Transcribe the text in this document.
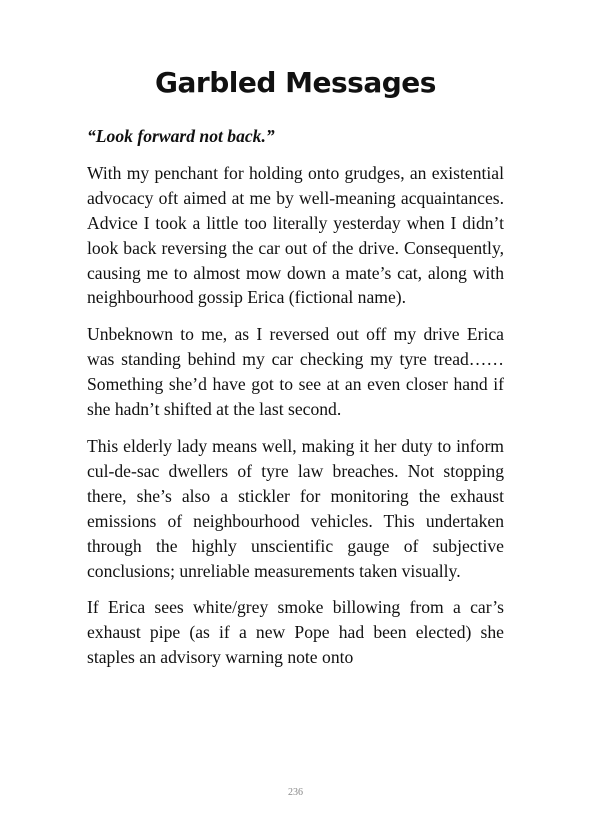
Garbled Messages

“Look forward not back.”

With my penchant for holding onto grudges, an existential advocacy oft aimed at me by well-meaning acquaintances. Advice I took a little too literally yesterday when I didn’t look back reversing the car out of the drive. Consequently, causing me to almost mow down a mate’s cat, along with neighbourhood gossip Erica (fictional name).

Unbeknown to me, as I reversed out off my drive Erica was standing behind my car checking my tyre tread…… Something she’d have got to see at an even closer hand if she hadn’t shifted at the last second.

This elderly lady means well, making it her duty to inform cul-de-sac dwellers of tyre law breaches. Not stopping there, she’s also a stickler for monitoring the exhaust emissions of neighbourhood vehicles. This undertaken through the highly unscientific gauge of subjective conclusions; unreliable measurements taken visually.

If Erica sees white/grey smoke billowing from a car’s exhaust pipe (as if a new Pope had been elected) she staples an advisory warning note onto

236
